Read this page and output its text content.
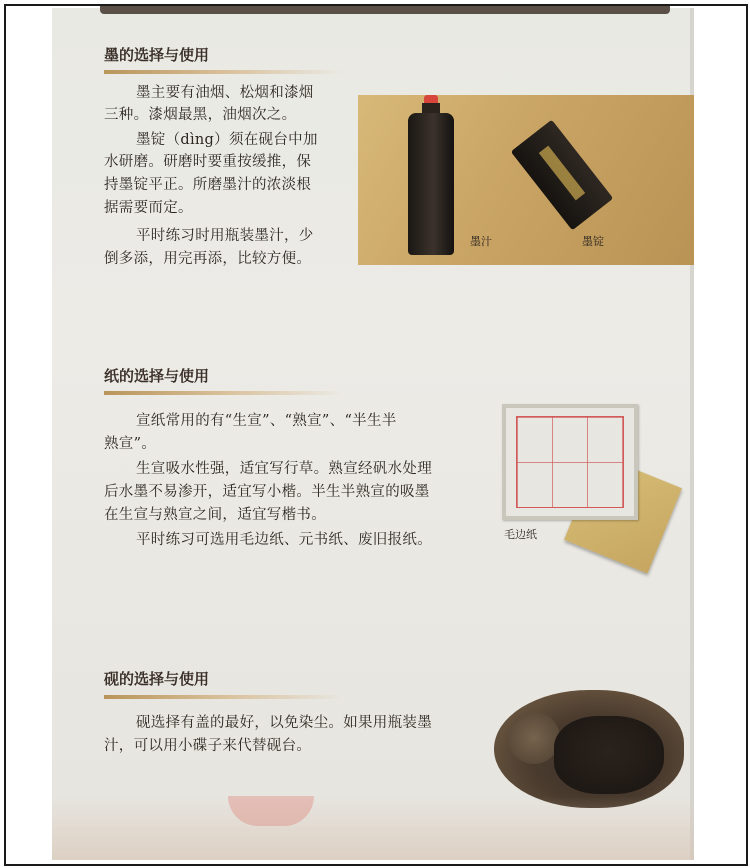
墨的选择与使用
墨主要有油烟、松烟和漆烟
三种。漆烟最黑，油烟次之。
墨锭（dìng）须在砚台中加
水研磨。研磨时要重按缓推，保
持墨锭平正。所磨墨汁的浓淡根
据需要而定。
平时练习时用瓶装墨汁，少
倒多添，用完再添，比较方便。
墨汁	墨锭
纸的选择与使用
宣纸常用的有“生宣”、“熟宣”、“半生半
熟宣”。
生宣吸水性强，适宜写行草。熟宣经矾水处理
后水墨不易渗开，适宜写小楷。半生半熟宣的吸墨
在生宣与熟宣之间，适宜写楷书。
平时练习可选用毛边纸、元书纸、废旧报纸。	毛边纸
砚的选择与使用
砚选择有盖的最好，以免染尘。如果用瓶装墨
汁，可以用小碟子来代替砚台。
